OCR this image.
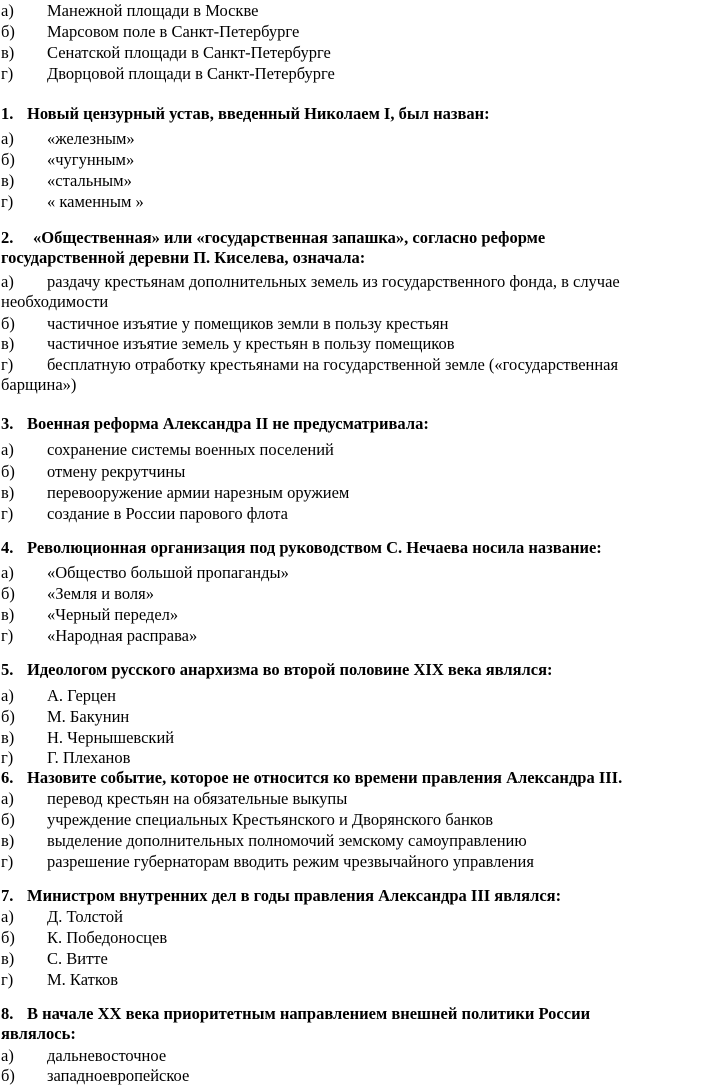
а) Манежной площади в Москве
б) Марсовом поле в Санкт-Петербурге
в) Сенатской площади в Санкт-Петербурге
г) Дворцовой площади в Санкт-Петербурге
1. Новый цензурный устав, введенный Николаем I, был назван:
а) «железным»
б) «чугунным»
в) «стальным»
г) « каменным »
2. «Общественная» или «государственная запашка», согласно реформе
государственной деревни П. Киселева, означала:
а) раздачу крестьянам дополнительных земель из государственного фонда, в случае
необходимости
б) частичное изъятие у помещиков земли в пользу крестьян
в) частичное изъятие земель у крестьян в пользу помещиков
г) бесплатную отработку крестьянами на государственной земле («государственная
барщина»)
3. Военная реформа Александра II не предусматривала:
а) сохранение системы военных поселений
б) отмену рекрутчины
в) перевооружение армии нарезным оружием
г) создание в России парового флота
4. Революционная организация под руководством С. Нечаева носила название:
а) «Общество большой пропаганды»
б) «Земля и воля»
в) «Черный передел»
г) «Народная расправа»
5. Идеологом русского анархизма во второй половине XIX века являлся:
а) А. Герцен
б) М. Бакунин
в) Н. Чернышевский
г) Г. Плеханов
6. Назовите событие, которое не относится ко времени правления Александра III.
а) перевод крестьян на обязательные выкупы
б) учреждение специальных Крестьянского и Дворянского банков
в) выделение дополнительных полномочий земскому самоуправлению
г) разрешение губернаторам вводить режим чрезвычайного управления
7. Министром внутренних дел в годы правления Александра III являлся:
а) Д. Толстой
б) К. Победоносцев
в) С. Витте
г) М. Катков
8. В начале XX века приоритетным направлением внешней политики России
являлось:
а) дальневосточное
б) западноевропейское
